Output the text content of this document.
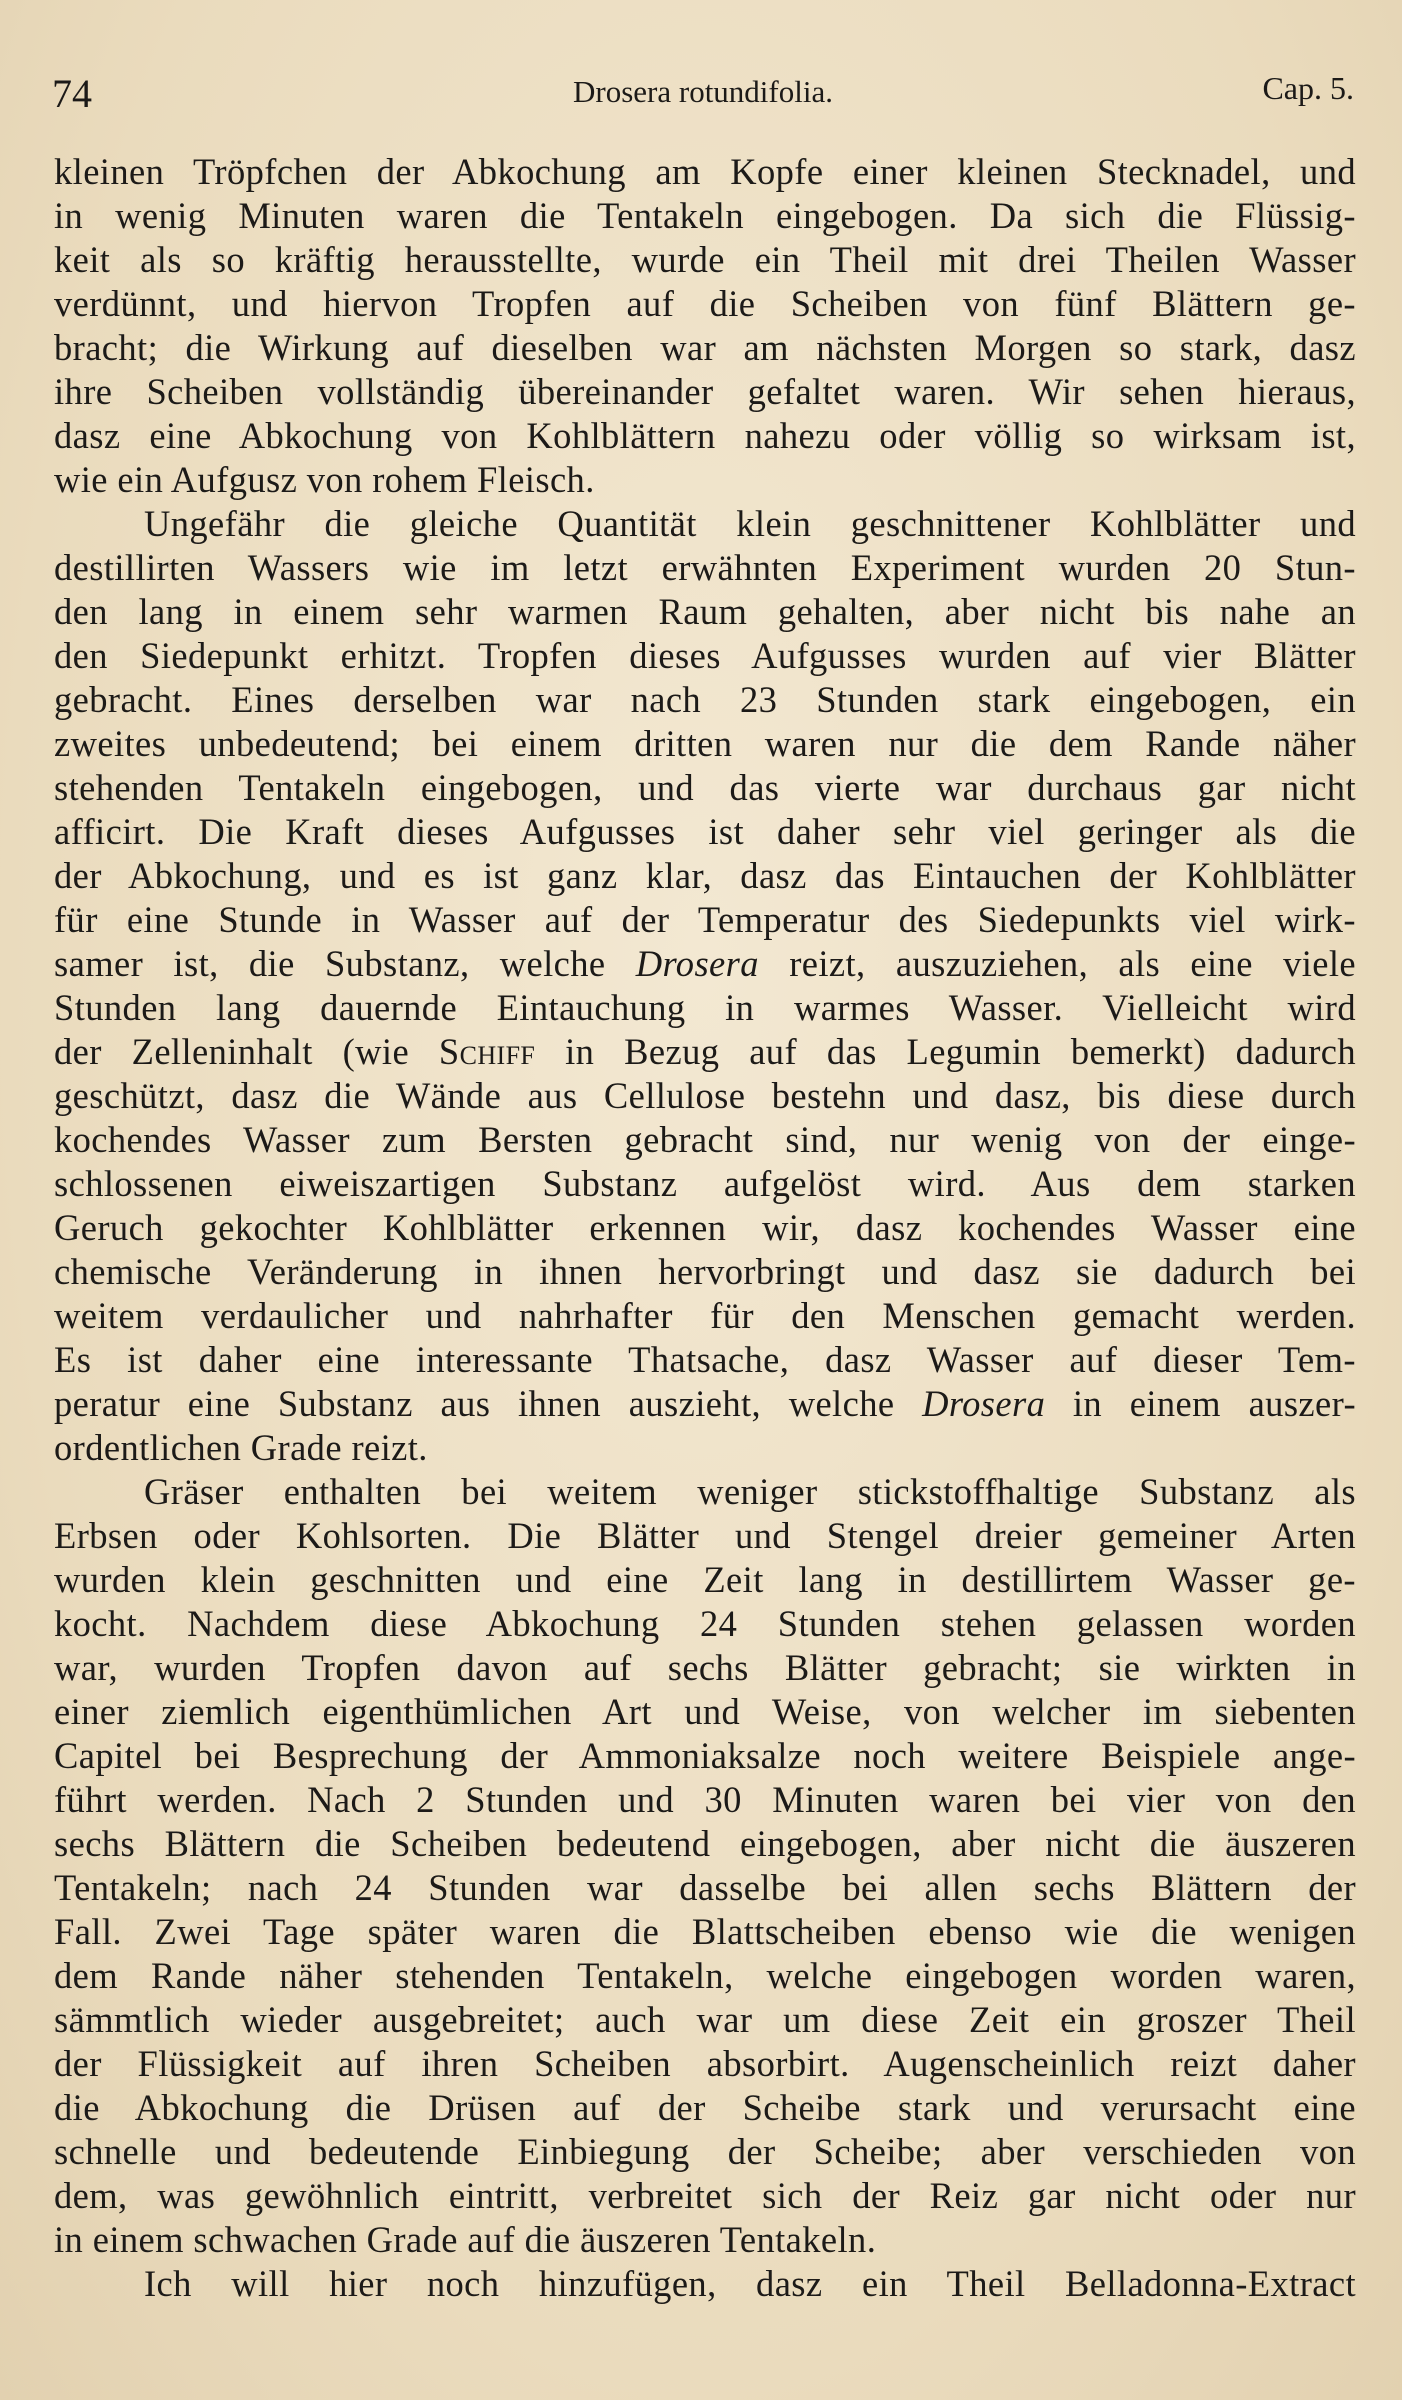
74	Drosera rotundifolia.	Cap. 5.
kleinen Tröpfchen der Abkochung am Kopfe einer kleinen Stecknadel, und
in wenig Minuten waren die Tentakeln eingebogen. Da sich die Flüssig-
keit als so kräftig herausstellte, wurde ein Theil mit drei Theilen Wasser
verdünnt, und hiervon Tropfen auf die Scheiben von fünf Blättern ge-
bracht; die Wirkung auf dieselben war am nächsten Morgen so stark, dasz
ihre Scheiben vollständig übereinander gefaltet waren. Wir sehen hieraus,
dasz eine Abkochung von Kohlblättern nahezu oder völlig so wirksam ist,
wie ein Aufgusz von rohem Fleisch.
Ungefähr die gleiche Quantität klein geschnittener Kohlblätter und
destillirten Wassers wie im letzt erwähnten Experiment wurden 20 Stun-
den lang in einem sehr warmen Raum gehalten, aber nicht bis nahe an
den Siedepunkt erhitzt. Tropfen dieses Aufgusses wurden auf vier Blätter
gebracht. Eines derselben war nach 23 Stunden stark eingebogen, ein
zweites unbedeutend; bei einem dritten waren nur die dem Rande näher
stehenden Tentakeln eingebogen, und das vierte war durchaus gar nicht
afficirt. Die Kraft dieses Aufgusses ist daher sehr viel geringer als die
der Abkochung, und es ist ganz klar, dasz das Eintauchen der Kohlblätter
für eine Stunde in Wasser auf der Temperatur des Siedepunkts viel wirk-
samer ist, die Substanz, welche Drosera reizt, auszuziehen, als eine viele
Stunden lang dauernde Eintauchung in warmes Wasser. Vielleicht wird
der Zelleninhalt (wie Schiff in Bezug auf das Legumin bemerkt) dadurch
geschützt, dasz die Wände aus Cellulose bestehn und dasz, bis diese durch
kochendes Wasser zum Bersten gebracht sind, nur wenig von der einge-
schlossenen eiweiszartigen Substanz aufgelöst wird. Aus dem starken
Geruch gekochter Kohlblätter erkennen wir, dasz kochendes Wasser eine
chemische Veränderung in ihnen hervorbringt und dasz sie dadurch bei
weitem verdaulicher und nahrhafter für den Menschen gemacht werden.
Es ist daher eine interessante Thatsache, dasz Wasser auf dieser Tem-
peratur eine Substanz aus ihnen auszieht, welche Drosera in einem auszer-
ordentlichen Grade reizt.
Gräser enthalten bei weitem weniger stickstoffhaltige Substanz als
Erbsen oder Kohlsorten. Die Blätter und Stengel dreier gemeiner Arten
wurden klein geschnitten und eine Zeit lang in destillirtem Wasser ge-
kocht. Nachdem diese Abkochung 24 Stunden stehen gelassen worden
war, wurden Tropfen davon auf sechs Blätter gebracht; sie wirkten in
einer ziemlich eigenthümlichen Art und Weise, von welcher im siebenten
Capitel bei Besprechung der Ammoniaksalze noch weitere Beispiele ange-
führt werden. Nach 2 Stunden und 30 Minuten waren bei vier von den
sechs Blättern die Scheiben bedeutend eingebogen, aber nicht die äuszeren
Tentakeln; nach 24 Stunden war dasselbe bei allen sechs Blättern der
Fall. Zwei Tage später waren die Blattscheiben ebenso wie die wenigen
dem Rande näher stehenden Tentakeln, welche eingebogen worden waren,
sämmtlich wieder ausgebreitet; auch war um diese Zeit ein groszer Theil
der Flüssigkeit auf ihren Scheiben absorbirt. Augenscheinlich reizt daher
die Abkochung die Drüsen auf der Scheibe stark und verursacht eine
schnelle und bedeutende Einbiegung der Scheibe; aber verschieden von
dem, was gewöhnlich eintritt, verbreitet sich der Reiz gar nicht oder nur
in einem schwachen Grade auf die äuszeren Tentakeln.
Ich will hier noch hinzufügen, dasz ein Theil Belladonna-Extract
